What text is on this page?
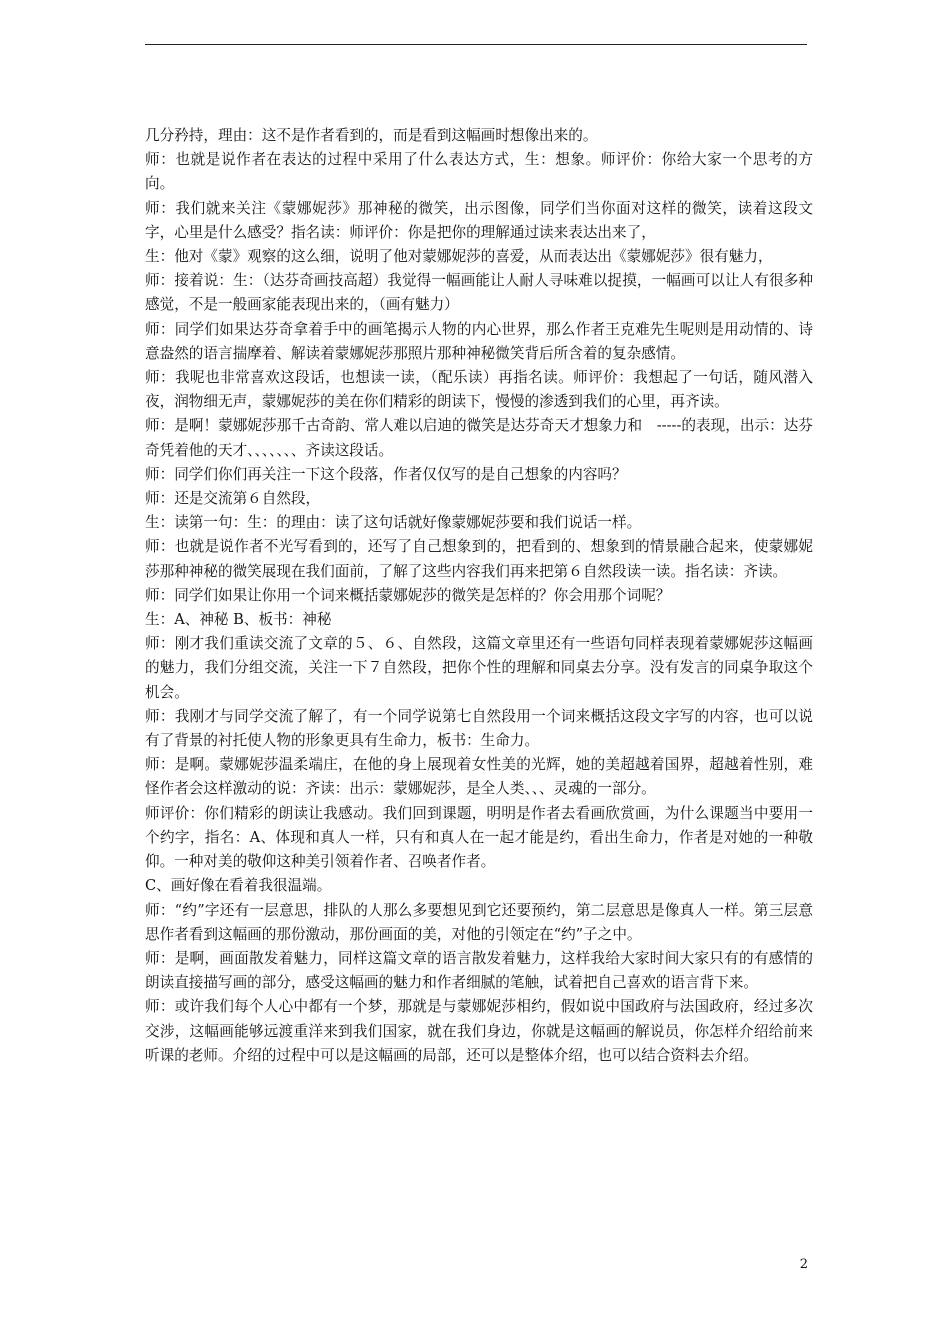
几分矜持，理由：这不是作者看到的，而是看到这幅画时想像出来的。

师：也就是说作者在表达的过程中采用了什么表达方式，生：想象。师评价：你给大家一个思考的方向。

师：我们就来关注《蒙娜妮莎》那神秘的微笑，出示图像，同学们当你面对这样的微笑，读着这段文字，心里是什么感受？指名读：师评价：你是把你的理解通过读来表达出来了，

生：他对《蒙》观察的这么细，说明了他对蒙娜妮莎的喜爱，从而表达出《蒙娜妮莎》很有魅力，

师：接着说：生：（达芬奇画技高超）我觉得一幅画能让人耐人寻味难以捉摸，一幅画可以让人有很多种感觉，不是一般画家能表现出来的，（画有魅力）

师：同学们如果达芬奇拿着手中的画笔揭示人物的内心世界，那么作者王克难先生呢则是用动情的、诗意盎然的语言揣摩着、解读着蒙娜妮莎那照片那种神秘微笑背后所含着的复杂感情。

师：我呢也非常喜欢这段话，也想读一读，（配乐读）再指名读。师评价：我想起了一句话，随风潜入夜，润物细无声，蒙娜妮莎的美在你们精彩的朗读下，慢慢的渗透到我们的心里，再齐读。

师：是啊！蒙娜妮莎那千古奇韵、常人难以启迪的微笑是达芬奇天才想象力和　-----的表现，出示：达芬奇凭着他的天才、、、、、、、齐读这段话。

师：同学们你们再关注一下这个段落，作者仅仅写的是自己想象的内容吗？

师：还是交流第６自然段，

生：读第一句：生：的理由：读了这句话就好像蒙娜妮莎要和我们说话一样。

师：也就是说作者不光写看到的，还写了自己想象到的，把看到的、想象到的情景融合起来，使蒙娜妮莎那种神秘的微笑展现在我们面前，了解了这些内容我们再来把第６自然段读一读。指名读：齐读。

师：同学们如果让你用一个词来概括蒙娜妮莎的微笑是怎样的？你会用那个词呢？

生：A、神秘 B、板书：神秘

师：刚才我们重读交流了文章的５、６、自然段，这篇文章里还有一些语句同样表现着蒙娜妮莎这幅画的魅力，我们分组交流，关注一下７自然段，把你个性的理解和同桌去分享。没有发言的同桌争取这个机会。

师：我刚才与同学交流了解了，有一个同学说第七自然段用一个词来概括这段文字写的内容，也可以说有了背景的衬托使人物的形象更具有生命力，板书：生命力。

师：是啊。蒙娜妮莎温柔端庄，在他的身上展现着女性美的光辉，她的美超越着国界，超越着性别，难怪作者会这样激动的说：齐读：出示：蒙娜妮莎，是全人类、、、灵魂的一部分。

师评价：你们精彩的朗读让我感动。我们回到课题，明明是作者去看画欣赏画，为什么课题当中要用一个约字，指名：A、体现和真人一样，只有和真人在一起才能是约，看出生命力，作者是对她的一种敬仰。一种对美的敬仰这种美引领着作者、召唤者作者。

C、画好像在看着我很温端。

师：“约”字还有一层意思，排队的人那么多要想见到它还要预约，第二层意思是像真人一样。第三层意思作者看到这幅画的那份激动，那份画面的美，对他的引领定在“约”子之中。

师：是啊，画面散发着魅力，同样这篇文章的语言散发着魅力，这样我给大家时间大家只有的有感情的朗读直接描写画的部分，感受这幅画的魅力和作者细腻的笔触，试着把自己喜欢的语言背下来。

师：或许我们每个人心中都有一个梦，那就是与蒙娜妮莎相约，假如说中国政府与法国政府，经过多次交涉，这幅画能够远渡重洋来到我们国家，就在我们身边，你就是这幅画的解说员，你怎样介绍给前来听课的老师。介绍的过程中可以是这幅画的局部，还可以是整体介绍，也可以结合资料去介绍。

2
